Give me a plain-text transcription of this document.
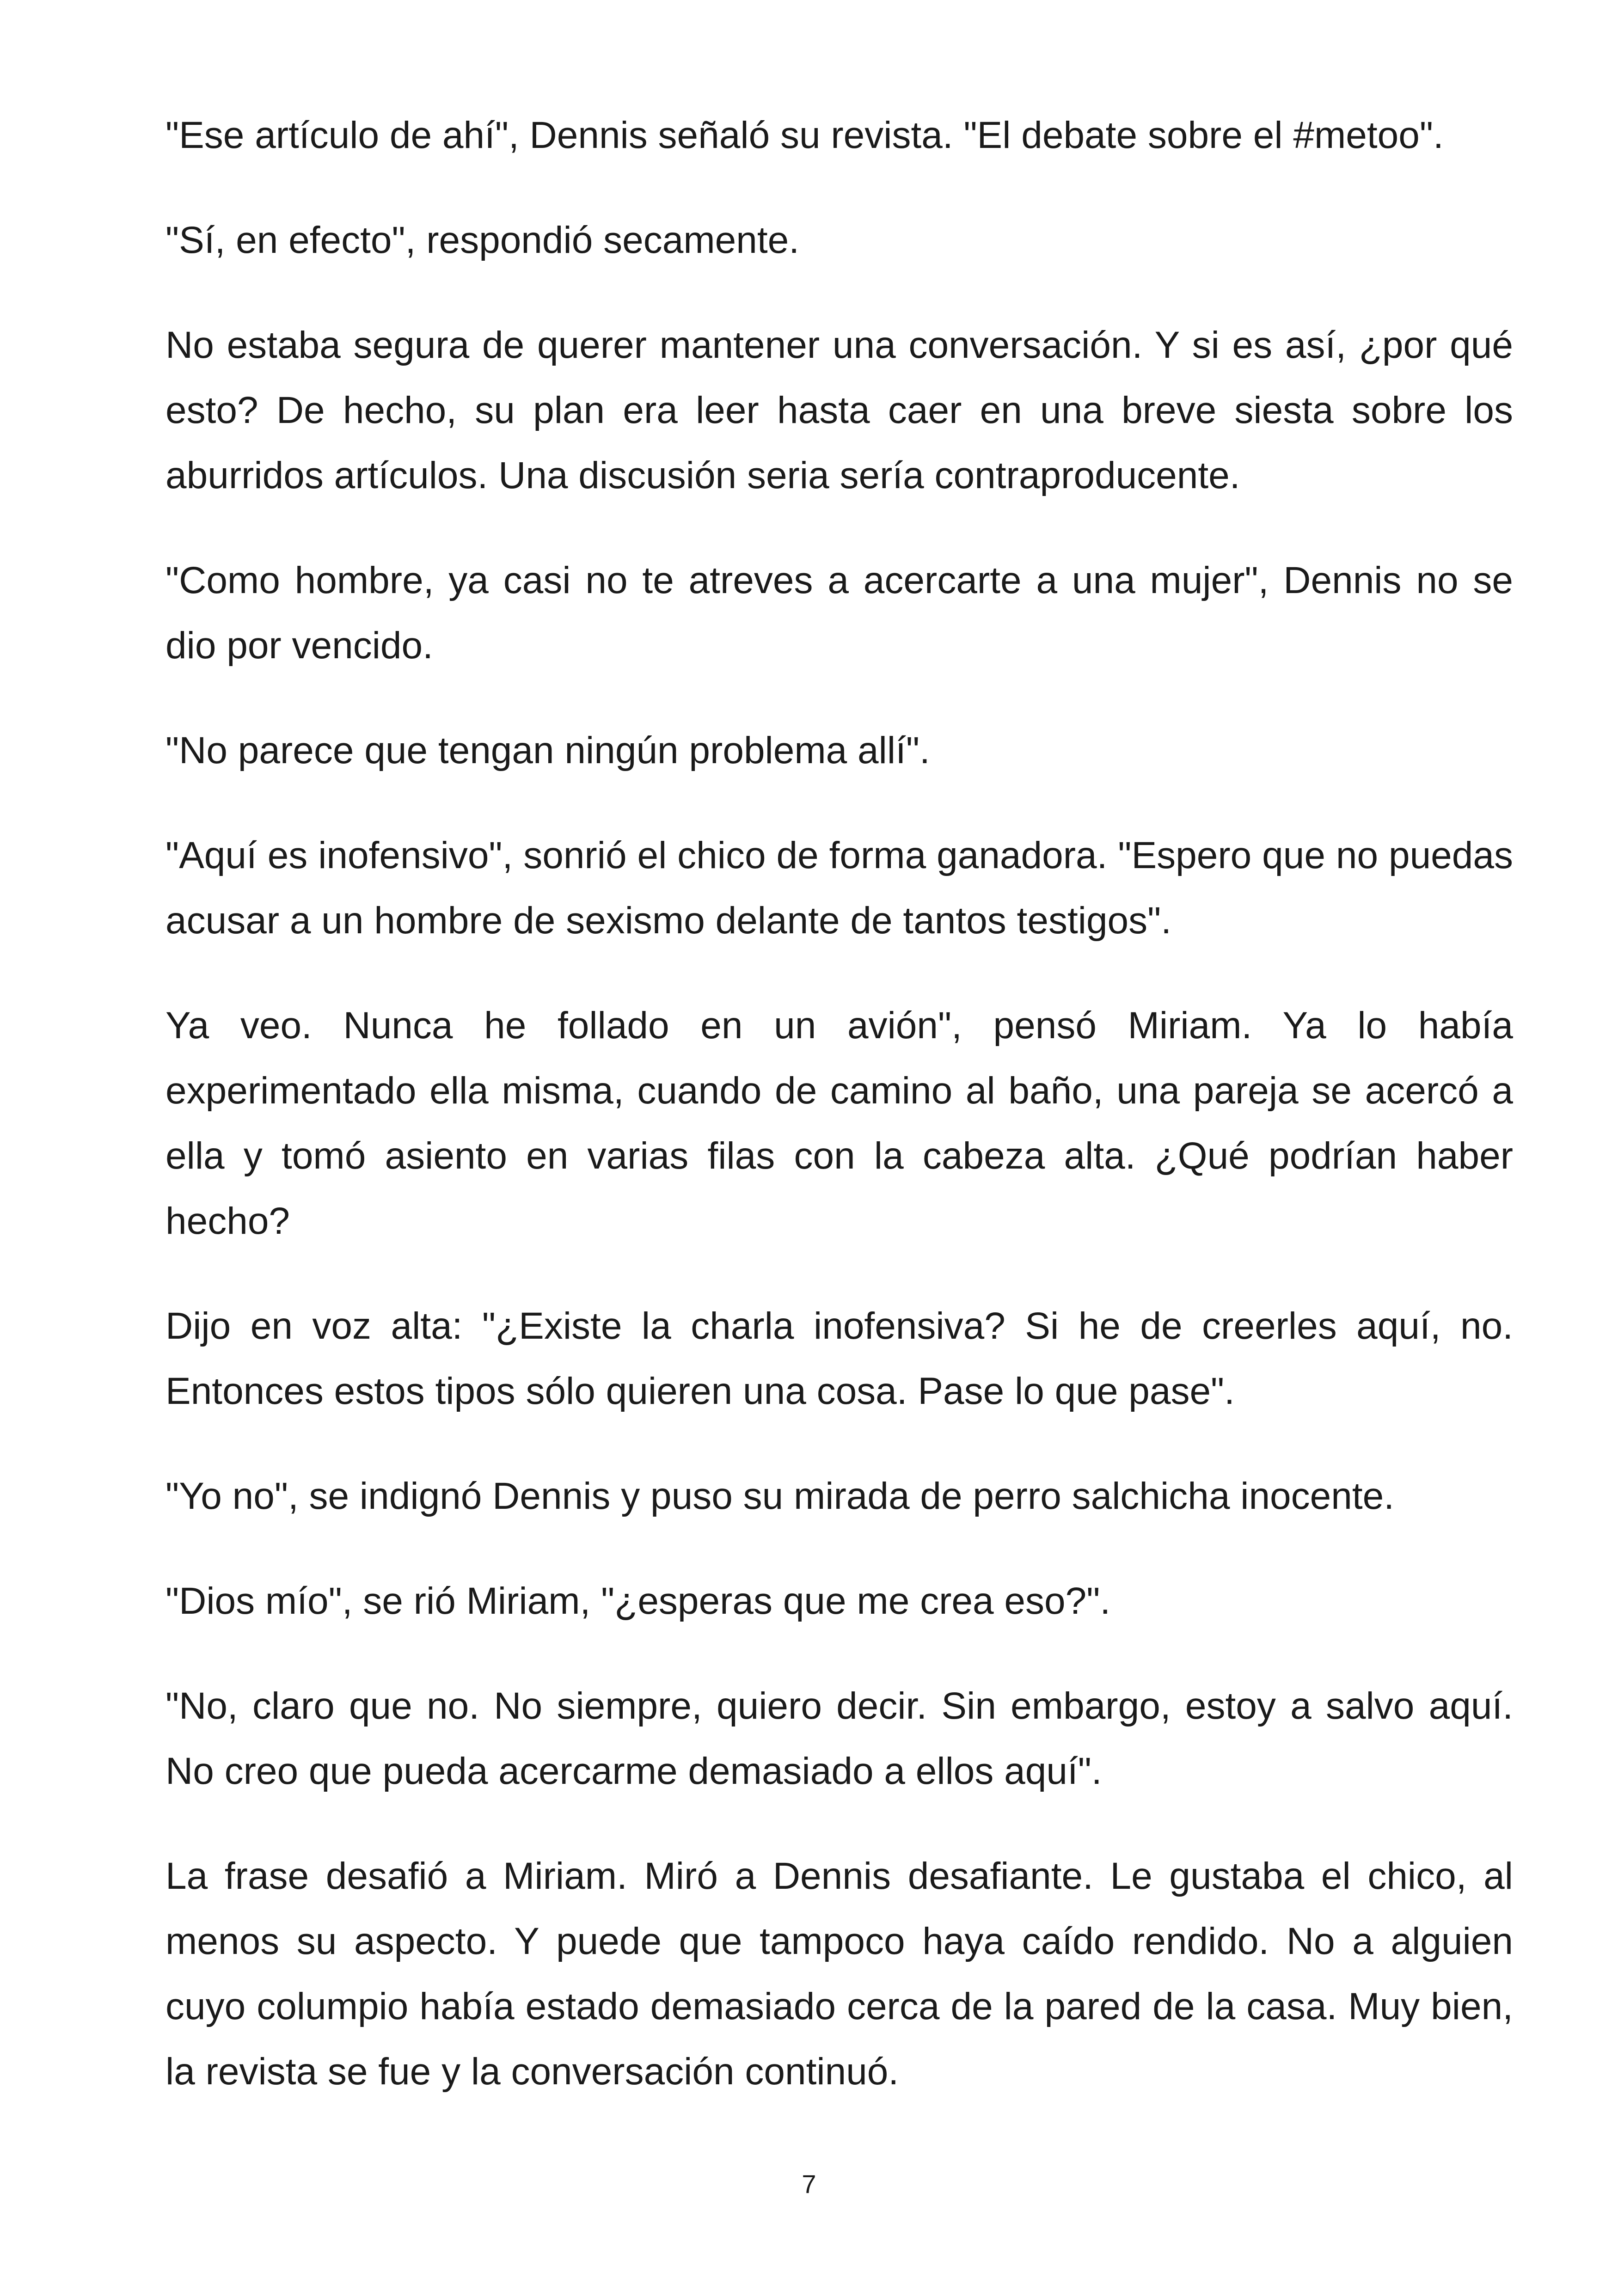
"Ese artículo de ahí", Dennis señaló su revista. "El debate sobre el #metoo".

"Sí, en efecto", respondió secamente.

No estaba segura de querer mantener una conversación. Y si es así, ¿por qué esto? De hecho, su plan era leer hasta caer en una breve siesta sobre los aburridos artículos. Una discusión seria sería contraproducente.

"Como hombre, ya casi no te atreves a acercarte a una mujer", Dennis no se dio por vencido.

"No parece que tengan ningún problema allí".

"Aquí es inofensivo", sonrió el chico de forma ganadora. "Espero que no puedas acusar a un hombre de sexismo delante de tantos testigos".

Ya veo. Nunca he follado en un avión", pensó Miriam. Ya lo había experimentado ella misma, cuando de camino al baño, una pareja se acercó a ella y tomó asiento en varias filas con la cabeza alta. ¿Qué podrían haber hecho?

Dijo en voz alta: "¿Existe la charla inofensiva? Si he de creerles aquí, no. Entonces estos tipos sólo quieren una cosa. Pase lo que pase".

"Yo no", se indignó Dennis y puso su mirada de perro salchicha inocente.

"Dios mío", se rió Miriam, "¿esperas que me crea eso?".

"No, claro que no. No siempre, quiero decir. Sin embargo, estoy a salvo aquí. No creo que pueda acercarme demasiado a ellos aquí".

La frase desafió a Miriam. Miró a Dennis desafiante. Le gustaba el chico, al menos su aspecto. Y puede que tampoco haya caído rendido. No a alguien cuyo columpio había estado demasiado cerca de la pared de la casa. Muy bien, la revista se fue y la conversación continuó.

7
